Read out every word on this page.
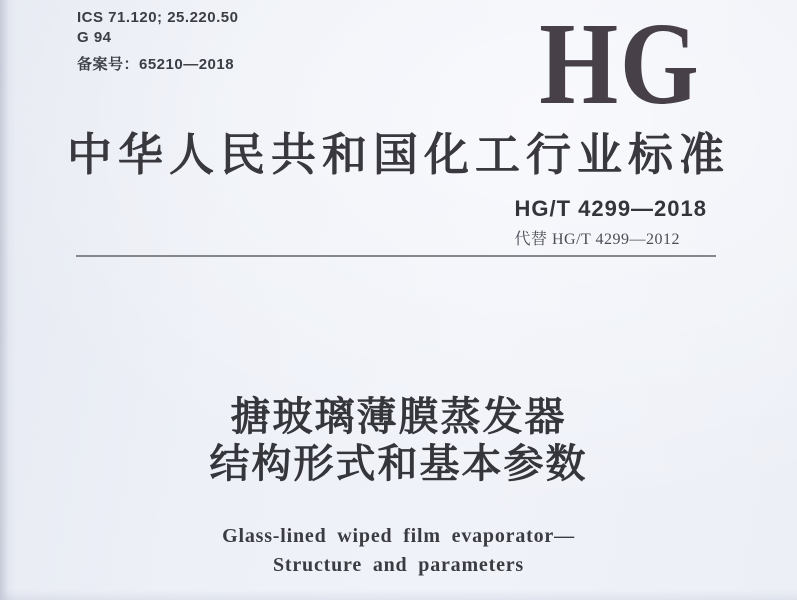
ICS 71.120; 25.220.50
G 94
备案号：65210—2018	HG
中华人民共和国化工行业标准
HG/T 4299—2018
代替 HG/T 4299—2012
搪玻璃薄膜蒸发器
结构形式和基本参数
Glass-lined wiped film evaporator—
Structure and parameters
